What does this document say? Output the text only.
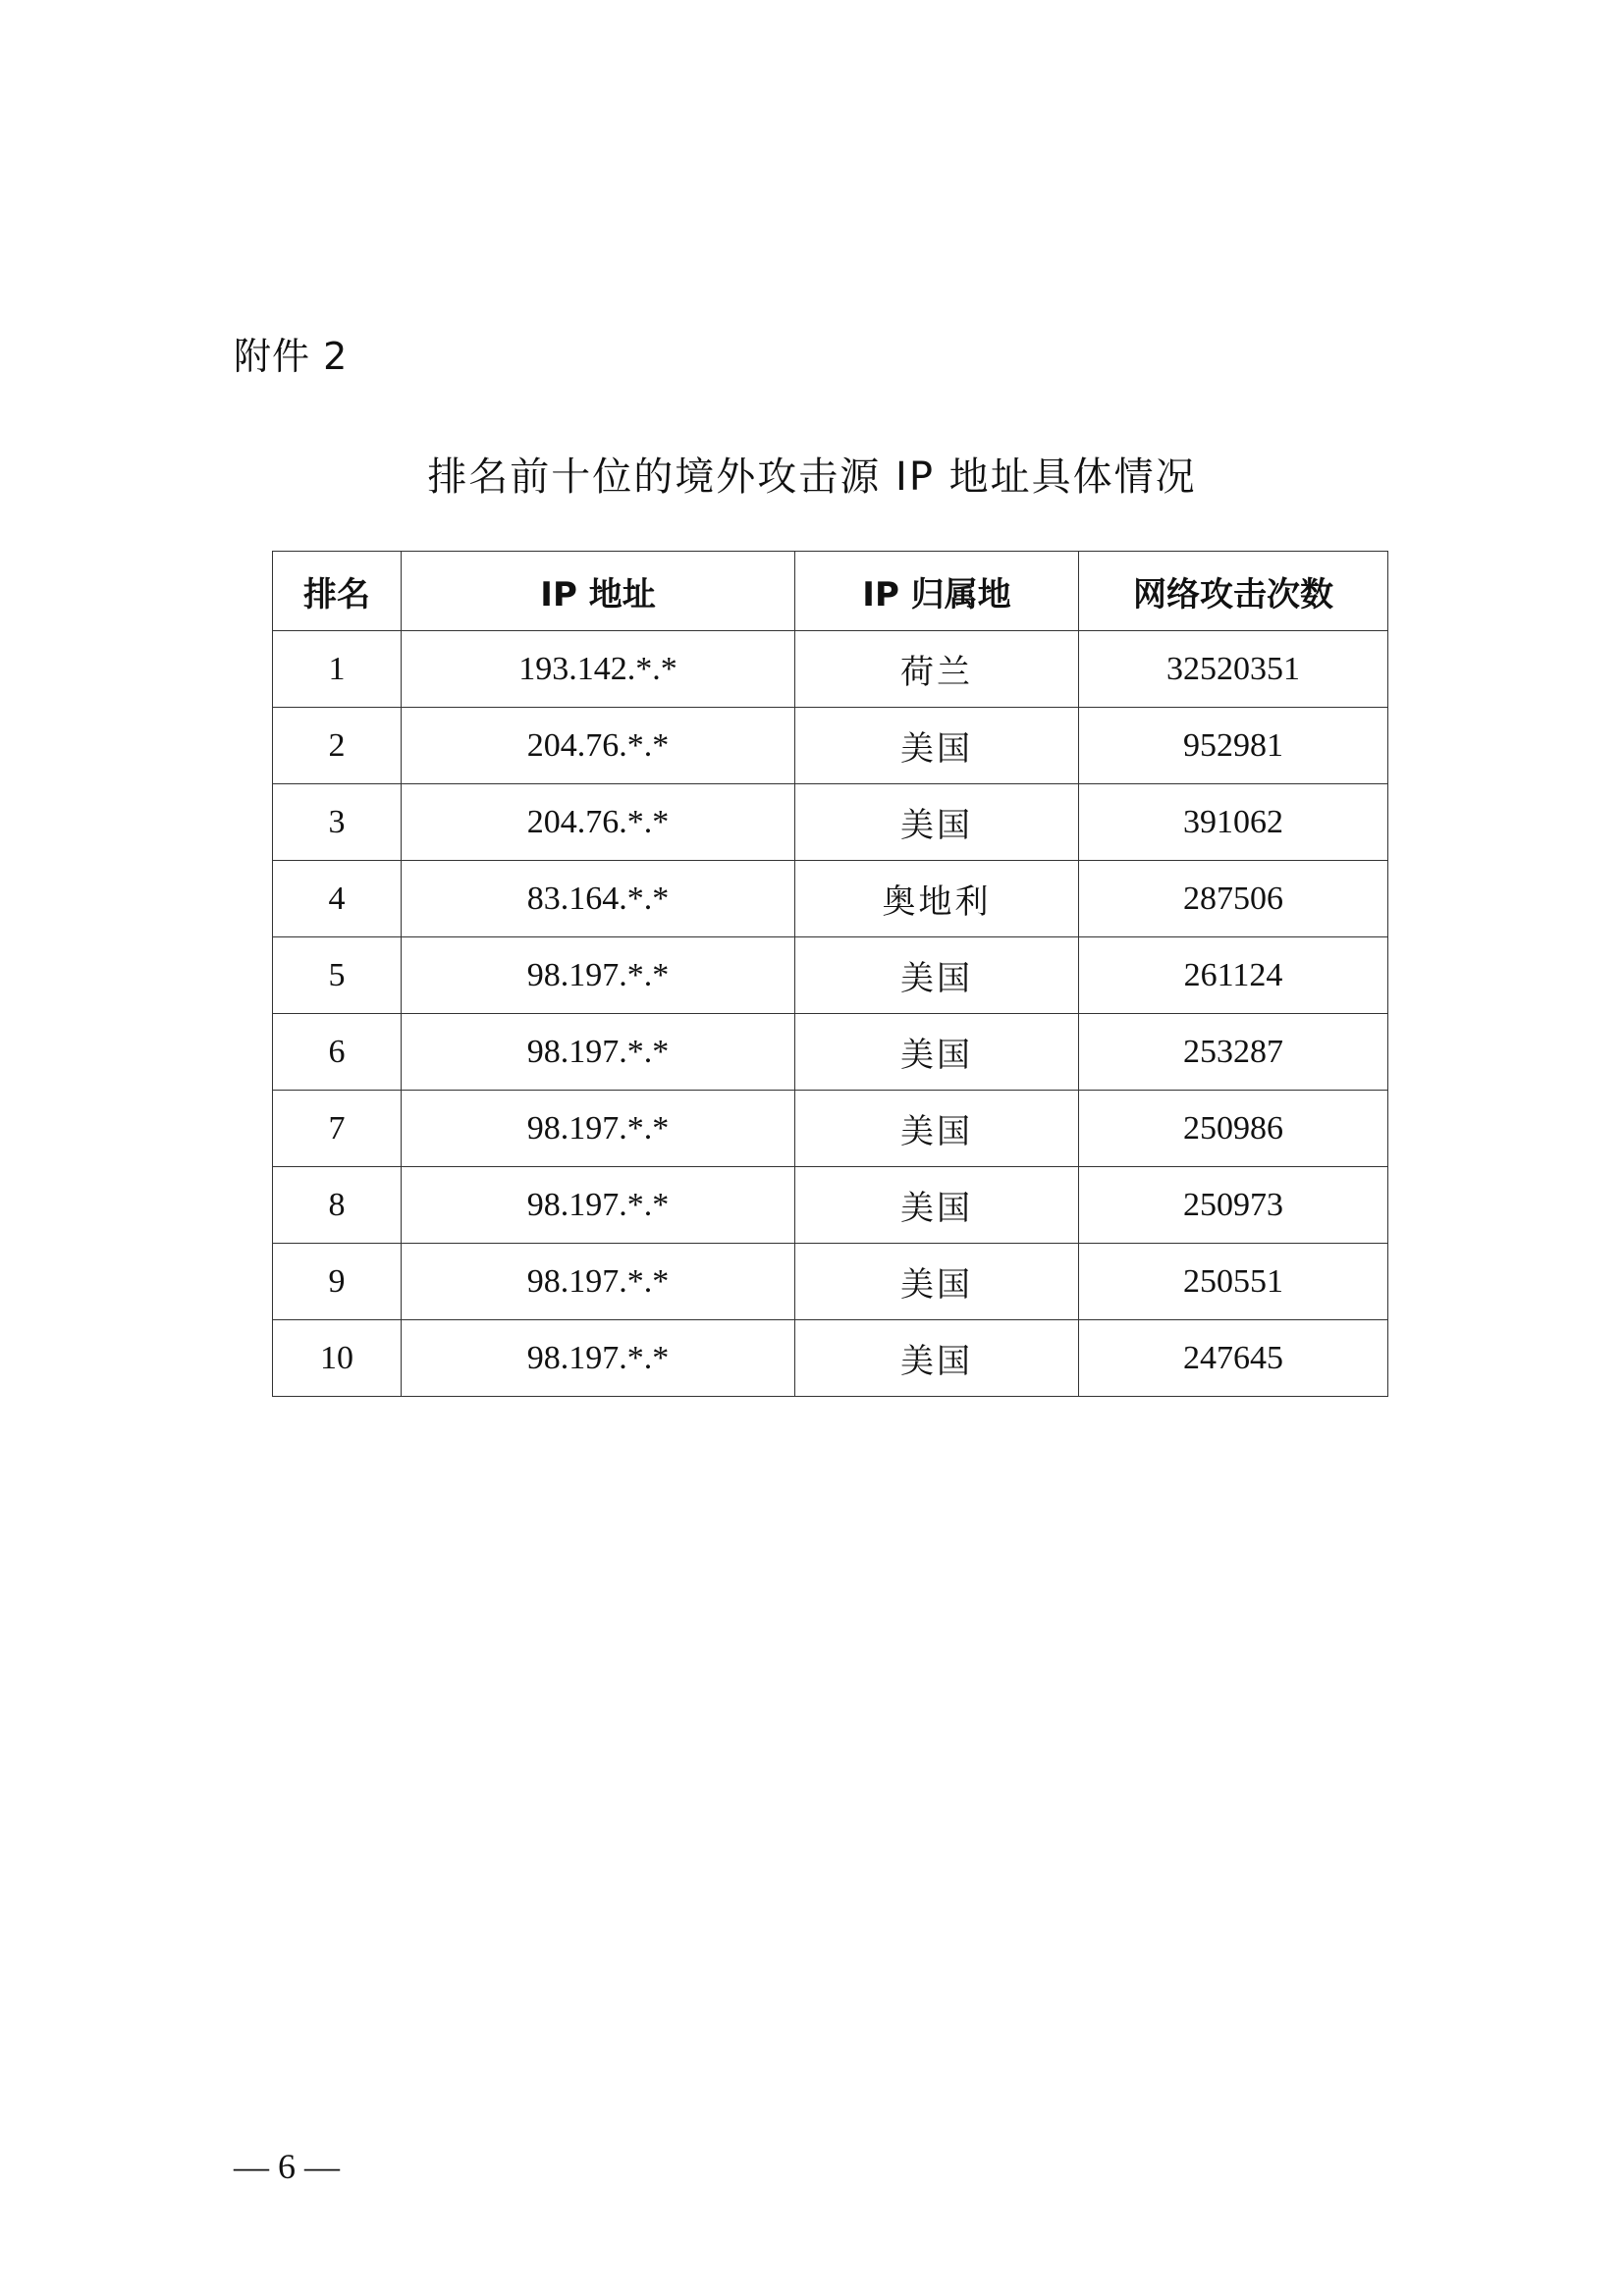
附件 2
排名前十位的境外攻击源 IP 地址具体情况
排名	IP 地址	IP 归属地	网络攻击次数
1	193.142.*.*	荷兰	32520351
2	204.76.*.*	美国	952981
3	204.76.*.*	美国	391062
4	83.164.*.*	奥地利	287506
5	98.197.*.*	美国	261124
6	98.197.*.*	美国	253287
7	98.197.*.*	美国	250986
8	98.197.*.*	美国	250973
9	98.197.*.*	美国	250551
10	98.197.*.*	美国	247645
— 6 —
